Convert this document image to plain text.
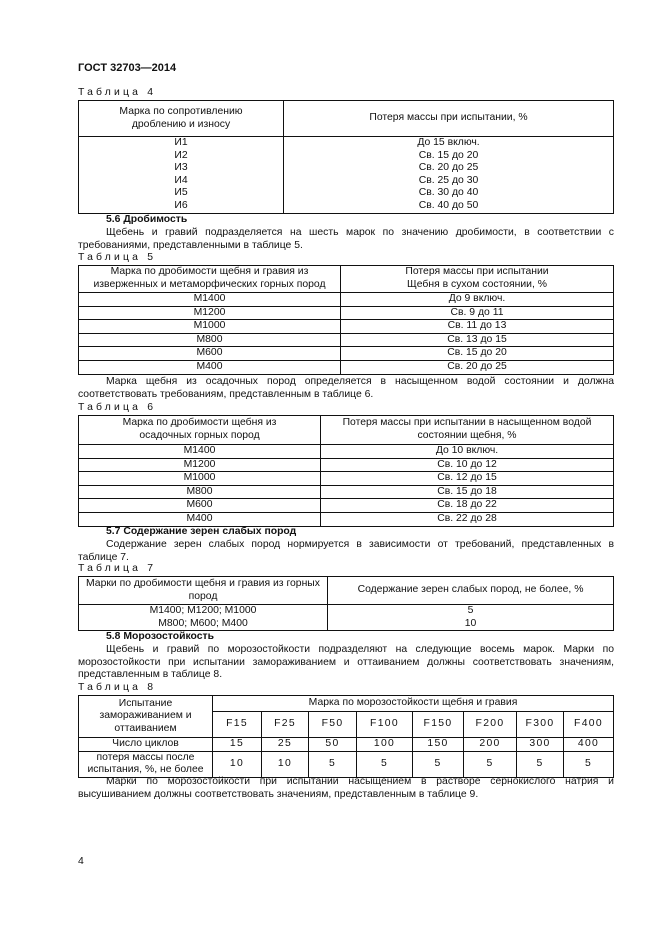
ГОСТ 32703—2014
Таблица 4
Марка по сопротивлению дроблению и износу	Потеря массы при испытании, %
И1	До 15 включ.
И2	Св. 15 до 20
И3	Св. 20 до 25
И4	Св. 25 до 30
И5	Св. 30 до 40
И6	Св. 40 до 50
5.6 Дробимость
Щебень и гравий подразделяется на шесть марок по значению дробимости, в соответствии с требованиями, представленными в таблице 5.
Таблица 5
Марка по дробимости щебня и гравия из изверженных и метаморфических горных пород	Потеря массы при испытании Щебня в сухом состоянии, %
М1400	До 9 включ.
М1200	Св. 9 до 11
М1000	Св. 11 до 13
М800	Св. 13 до 15
М600	Св. 15 до 20
М400	Св. 20 до 25
Марка щебня из осадочных пород определяется в насыщенном водой состоянии и должна соответствовать требованиям, представленным в таблице 6.
Таблица 6
Марка по дробимости щебня из осадочных горных пород	Потеря массы при испытании в насыщенном водой состоянии щебня, %
М1400	До 10 включ.
М1200	Св. 10 до 12
М1000	Св. 12 до 15
М800	Св. 15 до 18
М600	Св. 18 до 22
М400	Св. 22 до 28
5.7 Содержание зерен слабых пород
Содержание зерен слабых пород нормируется в зависимости от требований, представленных в таблице 7.
Таблица 7
Марки по дробимости щебня и гравия из горных пород	Содержание зерен слабых пород, не более, %
М1400; М1200; М1000	5
М800; М600; М400	10
5.8 Морозостойкость
Щебень и гравий по морозостойкости подразделяют на следующие восемь марок. Марки по морозостойкости при испытании замораживанием и оттаиванием должны соответствовать значениям, представленным в таблице 8.
Таблица 8
Испытание замораживанием и оттаиванием	Марка по морозостойкости щебня и гравия							
	F15	F25	F50	F100	F150	F200	F300	F400
Число циклов	15	25	50	100	150	200	300	400
потеря массы после испытания, %, не более	10	10	5	5	5	5	5	5
Марки по морозостойкости при испытании насыщением в растворе сернокислого натрия и высушиванием должны соответствовать значениям, представленным в таблице 9.
4
